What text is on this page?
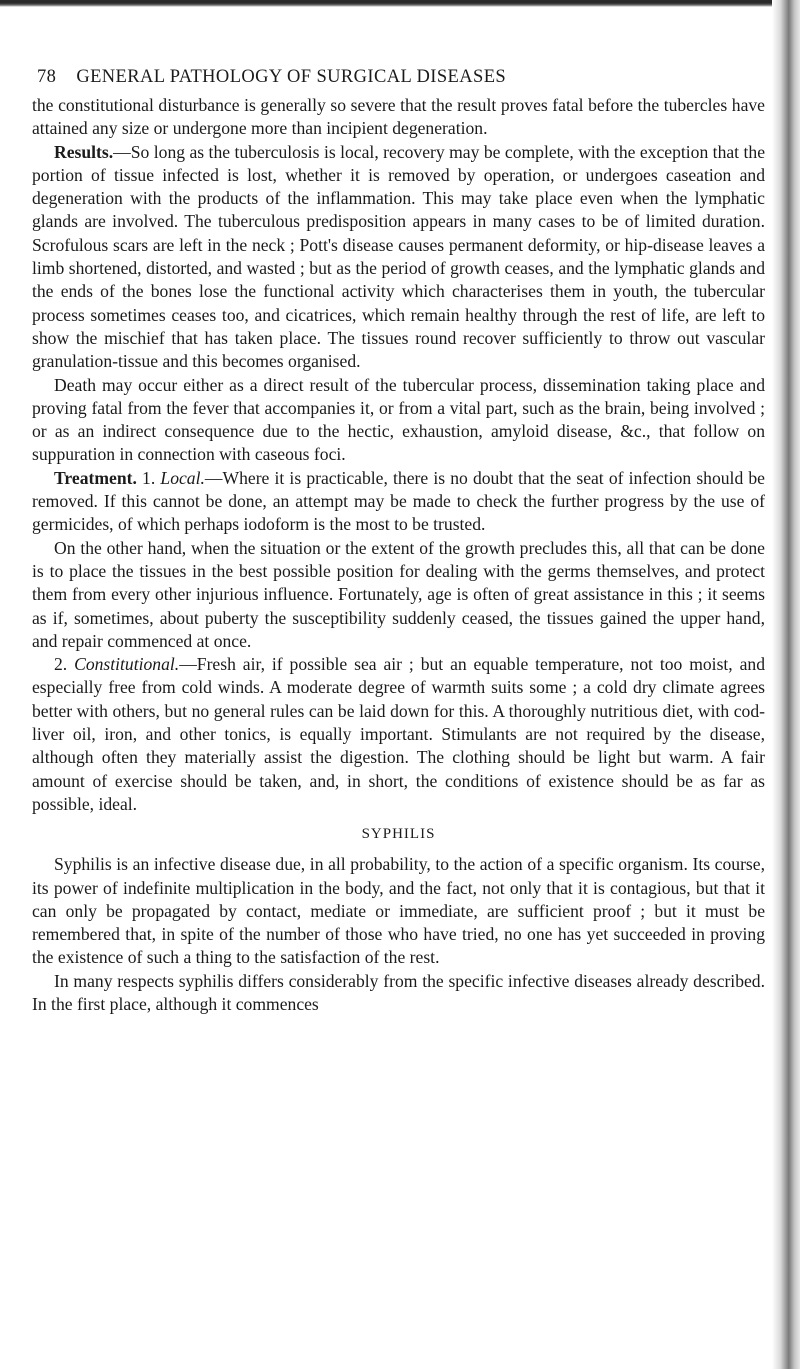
78 GENERAL PATHOLOGY OF SURGICAL DISEASES

the constitutional disturbance is generally so severe that the result proves fatal before the tubercles have attained any size or undergone more than incipient degeneration.

Results.—So long as the tuberculosis is local, recovery may be complete, with the exception that the portion of tissue infected is lost, whether it is removed by operation, or undergoes caseation and degeneration with the products of the inflammation. This may take place even when the lymphatic glands are involved. The tuberculous predisposition appears in many cases to be of limited duration. Scrofulous scars are left in the neck ; Pott's disease causes permanent deformity, or hip-disease leaves a limb shortened, distorted, and wasted ; but as the period of growth ceases, and the lymphatic glands and the ends of the bones lose the functional activity which characterises them in youth, the tubercular process sometimes ceases too, and cicatrices, which remain healthy through the rest of life, are left to show the mischief that has taken place. The tissues round recover sufficiently to throw out vascular granulation-tissue and this becomes organised.

Death may occur either as a direct result of the tubercular process, dissemination taking place and proving fatal from the fever that accompanies it, or from a vital part, such as the brain, being involved ; or as an indirect consequence due to the hectic, exhaustion, amyloid disease, &c., that follow on suppuration in connection with caseous foci.

Treatment. 1. Local.—Where it is practicable, there is no doubt that the seat of infection should be removed. If this cannot be done, an attempt may be made to check the further progress by the use of germicides, of which perhaps iodoform is the most to be trusted.

On the other hand, when the situation or the extent of the growth precludes this, all that can be done is to place the tissues in the best possible position for dealing with the germs themselves, and protect them from every other injurious influence. Fortunately, age is often of great assistance in this ; it seems as if, sometimes, about puberty the susceptibility suddenly ceased, the tissues gained the upper hand, and repair commenced at once.

2. Constitutional.—Fresh air, if possible sea air ; but an equable temperature, not too moist, and especially free from cold winds. A moderate degree of warmth suits some ; a cold dry climate agrees better with others, but no general rules can be laid down for this. A thoroughly nutritious diet, with cod-liver oil, iron, and other tonics, is equally important. Stimulants are not required by the disease, although often they materially assist the digestion. The clothing should be light but warm. A fair amount of exercise should be taken, and, in short, the conditions of existence should be as far as possible, ideal.

SYPHILIS

Syphilis is an infective disease due, in all probability, to the action of a specific organism. Its course, its power of indefinite multiplication in the body, and the fact, not only that it is contagious, but that it can only be propagated by contact, mediate or immediate, are sufficient proof ; but it must be remembered that, in spite of the number of those who have tried, no one has yet succeeded in proving the existence of such a thing to the satisfaction of the rest.

In many respects syphilis differs considerably from the specific infective diseases already described. In the first place, although it commences
